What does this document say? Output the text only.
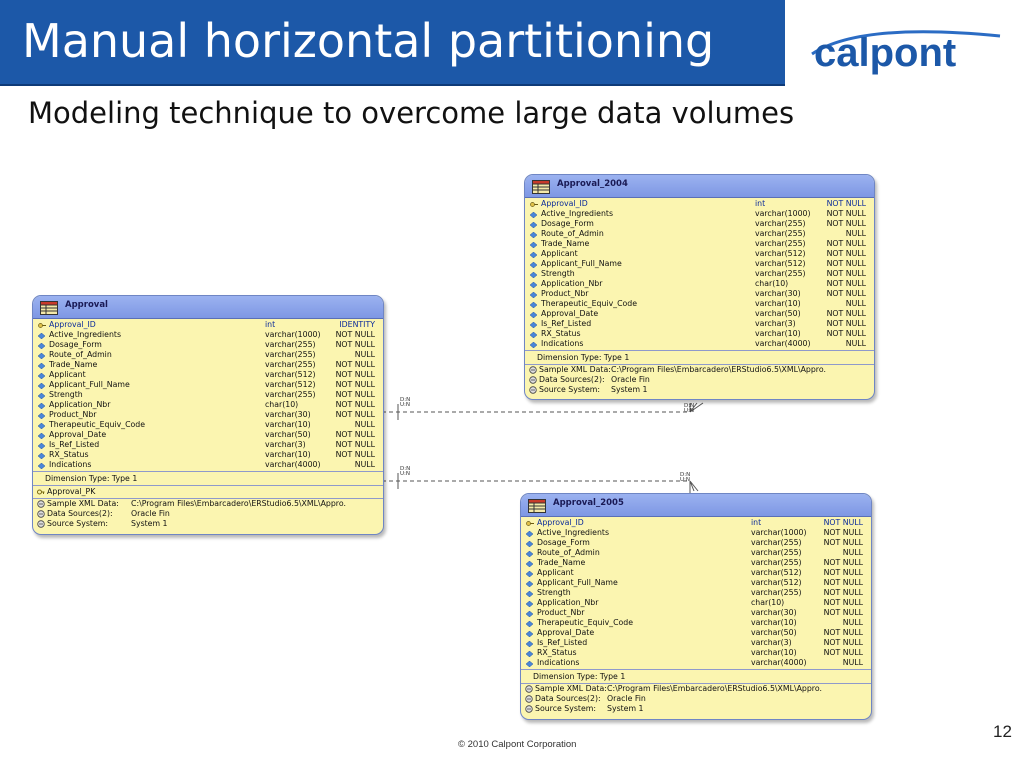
Manual horizontal partitioning calpont
Modeling technique to overcome large data volumes
D:N
U:N	D:N
U:N
D:N
U:N	D:N
U:N
Approval
Approval_ID	int	IDENTITY
Active_Ingredients	varchar(1000) NOT NULL
Dosage_Form	varchar(255)	NOT NULL
Route_of_Admin	varchar(255)	NULL
Trade_Name	varchar(255)	NOT NULL
Applicant	varchar(512)	NOT NULL
Applicant_Full_Name	varchar(512)	NOT NULL
Strength	varchar(255)	NOT NULL
Application_Nbr	char(10)	NOT NULL
Product_Nbr	varchar(30)	NOT NULL
Therapeutic_Equiv_Code	varchar(10)	NULL
Approval_Date	varchar(50)	NOT NULL
Is_Ref_Listed	varchar(3)	NOT NULL
RX_Status	varchar(10)	NOT NULL
Indications	varchar(4000)	NULL
Dimension Type: Type 1
Approval_PK
Sample XML Data: C:\Program Files\Embarcadero\ERStudio6.5\XML\Appro.
Data Sources(2): Oracle Fin
Source System:	System 1
Approval_2004
Approval_ID	int	NOT NULL
Active_Ingredients	varchar(1000) NOT NULL
Dosage_Form	varchar(255)	NOT NULL
Route_of_Admin	varchar(255)	NULL
Trade_Name	varchar(255)	NOT NULL
Applicant	varchar(512)	NOT NULL
Applicant_Full_Name	varchar(512)	NOT NULL
Strength	varchar(255)	NOT NULL
Application_Nbr	char(10)	NOT NULL
Product_Nbr	varchar(30)	NOT NULL
Therapeutic_Equiv_Code	varchar(10)	NULL
Approval_Date	varchar(50)	NOT NULL
Is_Ref_Listed	varchar(3)	NOT NULL
RX_Status	varchar(10)	NOT NULL
Indications	varchar(4000)	NULL
Dimension Type: Type 1
Sample XML Data: C:\Program Files\Embarcadero\ERStudio6.5\XML\Appro.
Data Sources(2): Oracle Fin
Source System: System 1
Approval_2005
Approval_ID	int	NOT NULL
Active_Ingredients	varchar(1000) NOT NULL
Dosage_Form	varchar(255)	NOT NULL
Route_of_Admin	varchar(255)	NULL
Trade_Name	varchar(255)	NOT NULL
Applicant	varchar(512)	NOT NULL
Applicant_Full_Name	varchar(512)	NOT NULL
Strength	varchar(255)	NOT NULL
Application_Nbr	char(10)	NOT NULL
Product_Nbr	varchar(30)	NOT NULL
Therapeutic_Equiv_Code	varchar(10)	NULL
Approval_Date	varchar(50)	NOT NULL
Is_Ref_Listed	varchar(3)	NOT NULL
RX_Status	varchar(10)	NOT NULL
Indications	varchar(4000)	NULL
Dimension Type: Type 1
Sample XML Data: C:\Program Files\Embarcadero\ERStudio6.5\XML\Appro.
Data Sources(2): Oracle Fin
Source System: System 1
12
© 2010 Calpont Corporation
